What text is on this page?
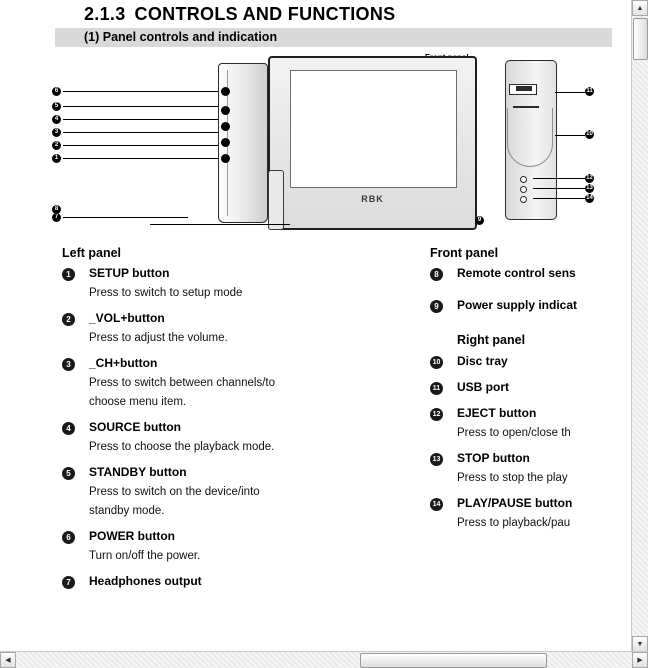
2.1.3 CONTROLS AND FUNCTIONS
(1) Panel controls and indication
RBK
6
5
4
3
2
1
7
8
9
11
10
12
13
14
Left panel
1	SETUP button
Press to switch to setup mode
2	_VOL+button
Press to adjust the volume.
3	_CH+button
Press to switch between channels/to
choose menu item.
4	SOURCE button
Press to choose the playback mode.
5	STANDBY button
Press to switch on the device/into
standby mode.
6	POWER button
Turn on/off the power.
7	Headphones output
Front panel
8	Remote control sens
9	Power supply indicat
Right panel
10 Disc tray
11 USB port
12 EJECT button
Press to open/close th
13 STOP button
Press to stop the play
14 PLAY/PAUSE button
Press to playback/pau
▲
▼
◀	▶
